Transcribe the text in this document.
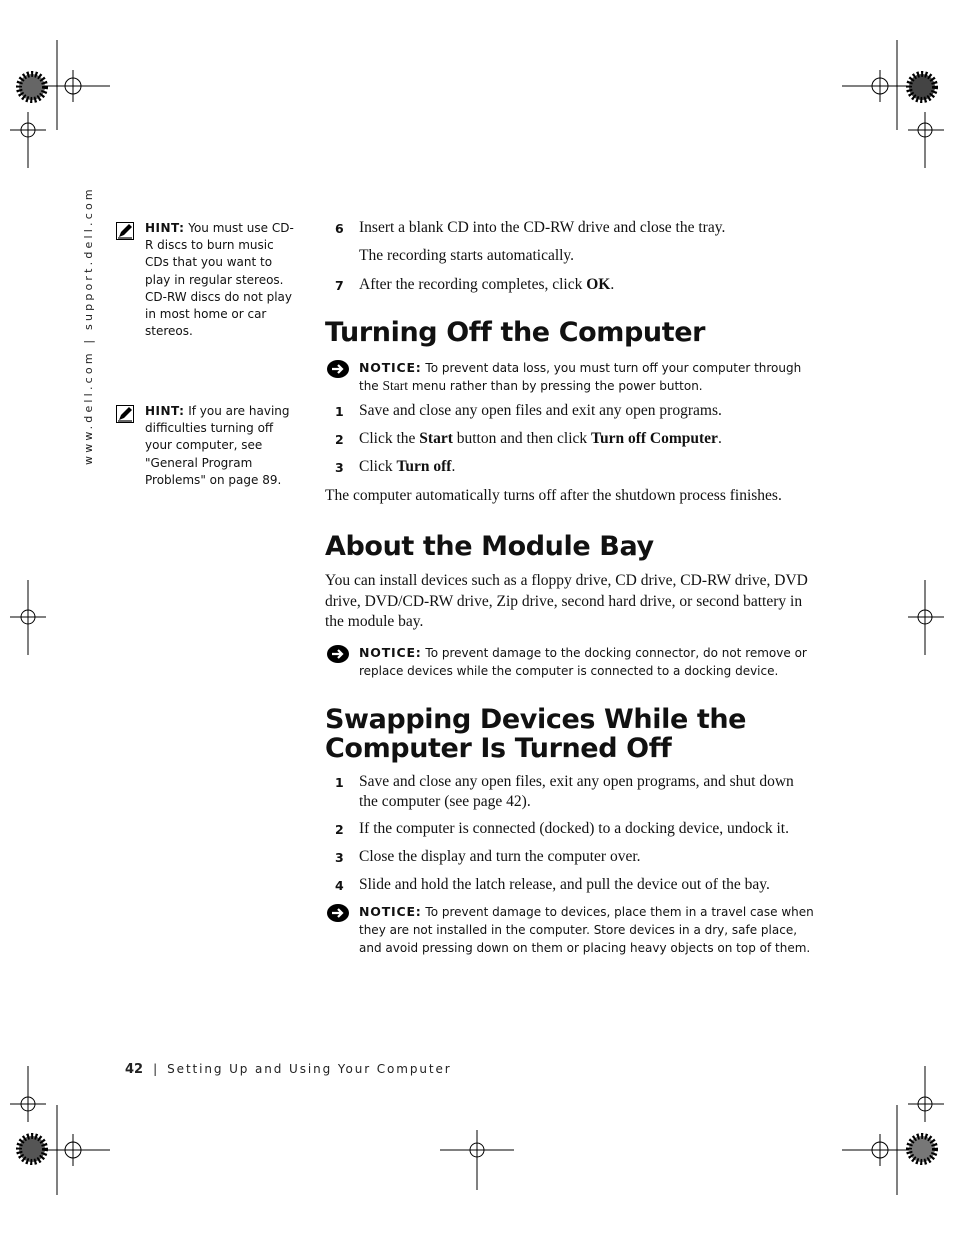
www.dell.com | support.dell.com	HINT: You must use CD-R discs to burn music CDs that you want to play in regular stereos. CD-RW discs do not play in most home or car stereos.
HINT: If you are having difficulties turning off your computer, see "General Program Problems" on page 89.
6 Insert a blank CD into the CD-RW drive and close the tray.
The recording starts automatically.
7 After the recording completes, click OK.
Turning Off the Computer
NOTICE: To prevent data loss, you must turn off your computer through the Start menu rather than by pressing the power button.
1 Save and close any open files and exit any open programs.
2 Click the Start button and then click Turn off Computer.
3 Click Turn off.
The computer automatically turns off after the shutdown process finishes.
About the Module Bay
You can install devices such as a floppy drive, CD drive, CD-RW drive, DVD drive, DVD/CD-RW drive, Zip drive, second hard drive, or second battery in the module bay.
NOTICE: To prevent damage to the docking connector, do not remove or replace devices while the computer is connected to a docking device.
Swapping Devices While the Computer Is Turned Off
1 Save and close any open files, exit any open programs, and shut down the computer (see page 42).
2 If the computer is connected (docked) to a docking device, undock it.
3 Close the display and turn the computer over.
4 Slide and hold the latch release, and pull the device out of the bay.
NOTICE: To prevent damage to devices, place them in a travel case when they are not installed in the computer. Store devices in a dry, safe place, and avoid pressing down on them or placing heavy objects on top of them.
42 | Setting Up and Using Your Computer
